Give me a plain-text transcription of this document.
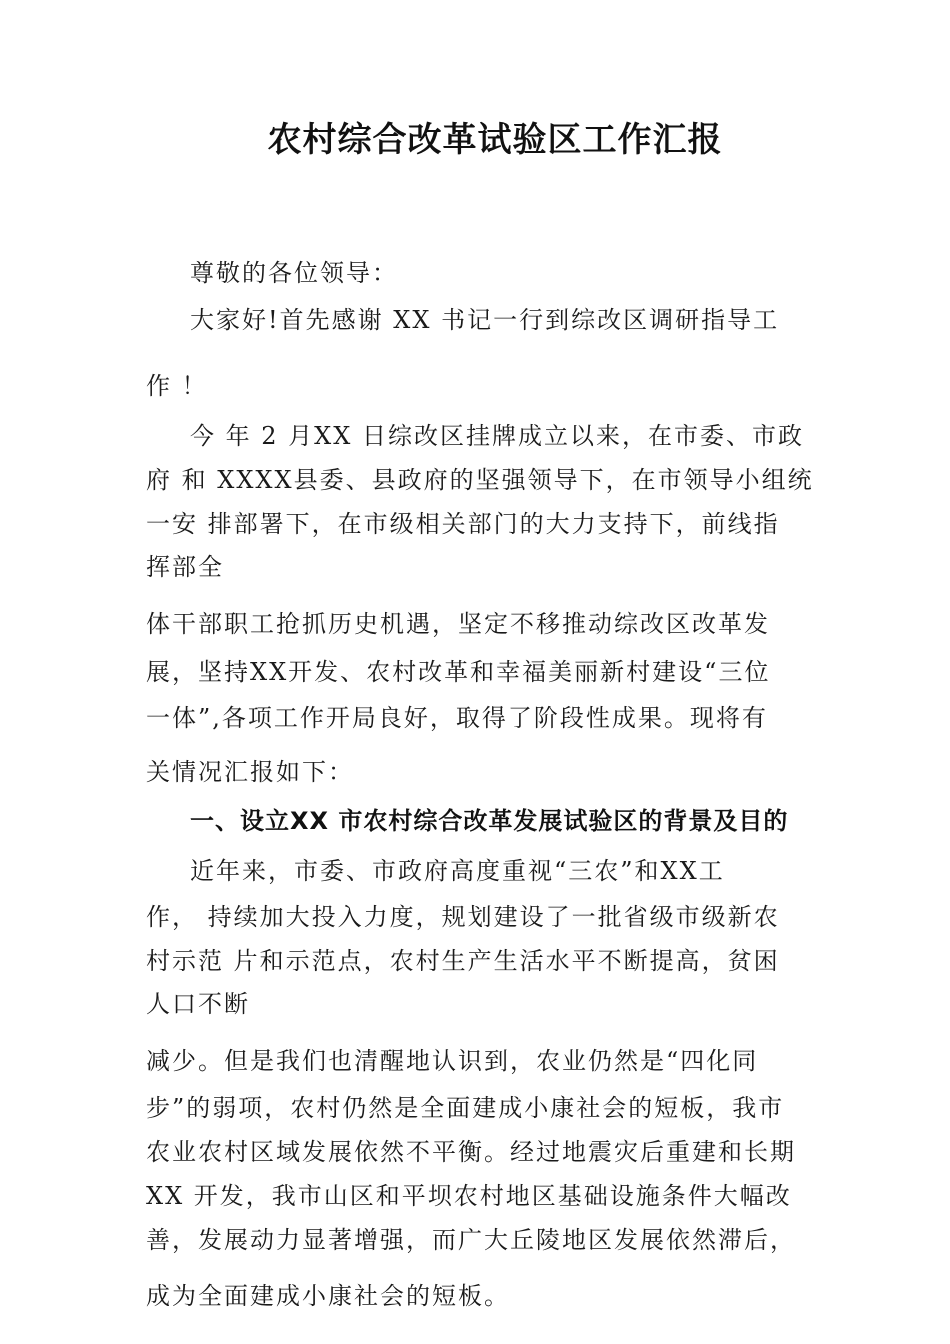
农村综合改革试验区工作汇报
尊敬的各位领导：
大家好!首先感谢 XX 书记一行到综改区调研指导工
作 ！
今 年 2 月XX 日综改区挂牌成立以来，在市委、市政
府 和 XXXX县委、县政府的坚强领导下，在市领导小组统
一安 排部署下，在市级相关部门的大力支持下，前线指
挥部全
体干部职工抢抓历史机遇，坚定不移推动综改区改革发
展，坚持XX开发、农村改革和幸福美丽新村建设“三位
一体”,各项工作开局良好，取得了阶段性成果。现将有
关情况汇报如下：
一、设立XX 市农村综合改革发展试验区的背景及目的
近年来，市委、市政府高度重视“三农”和XX工
作， 持续加大投入力度，规划建设了一批省级市级新农
村示范 片和示范点，农村生产生活水平不断提高，贫困
人口不断
减少。但是我们也清醒地认识到，农业仍然是“四化同
步”的弱项，农村仍然是全面建成小康社会的短板，我市
农业农村区域发展依然不平衡。经过地震灾后重建和长期
XX 开发，我市山区和平坝农村地区基础设施条件大幅改
善，发展动力显著增强，而广大丘陵地区发展依然滞后，
成为全面建成小康社会的短板。
